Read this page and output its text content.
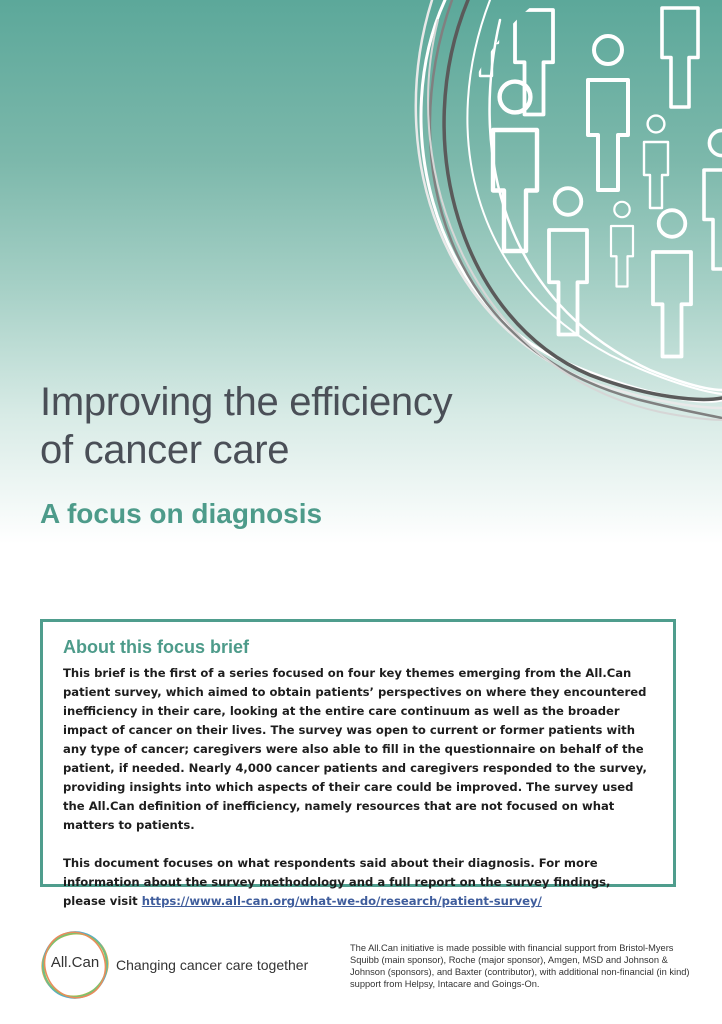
Improving the efficiency
of cancer care
A focus on diagnosis
About this focus brief

This brief is the first of a series focused on four key themes emerging from the All.Can patient survey, which aimed to obtain patients’ perspectives on where they encountered inefficiency in their care, looking at the entire care continuum as well as the broader impact of cancer on their lives. The survey was open to current or former patients with any type of cancer; caregivers were also able to fill in the questionnaire on behalf of the patient, if needed. Nearly 4,000 cancer patients and caregivers responded to the survey, providing insights into which aspects of their care could be improved. The survey used the All.Can definition of inefficiency, namely resources that are not focused on what matters to patients.

This document focuses on what respondents said about their diagnosis. For more information about the survey methodology and a full report on the survey findings, please visit https://www.all-can.org/what-we-do/research/patient-survey/

All.Can	Changing cancer care together

The All.Can initiative is made possible with financial support from Bristol-Myers Squibb (main sponsor), Roche (major sponsor), Amgen, MSD and Johnson & Johnson (sponsors), and Baxter (contributor), with additional non-financial (in kind) support from Helpsy, Intacare and Goings-On.
